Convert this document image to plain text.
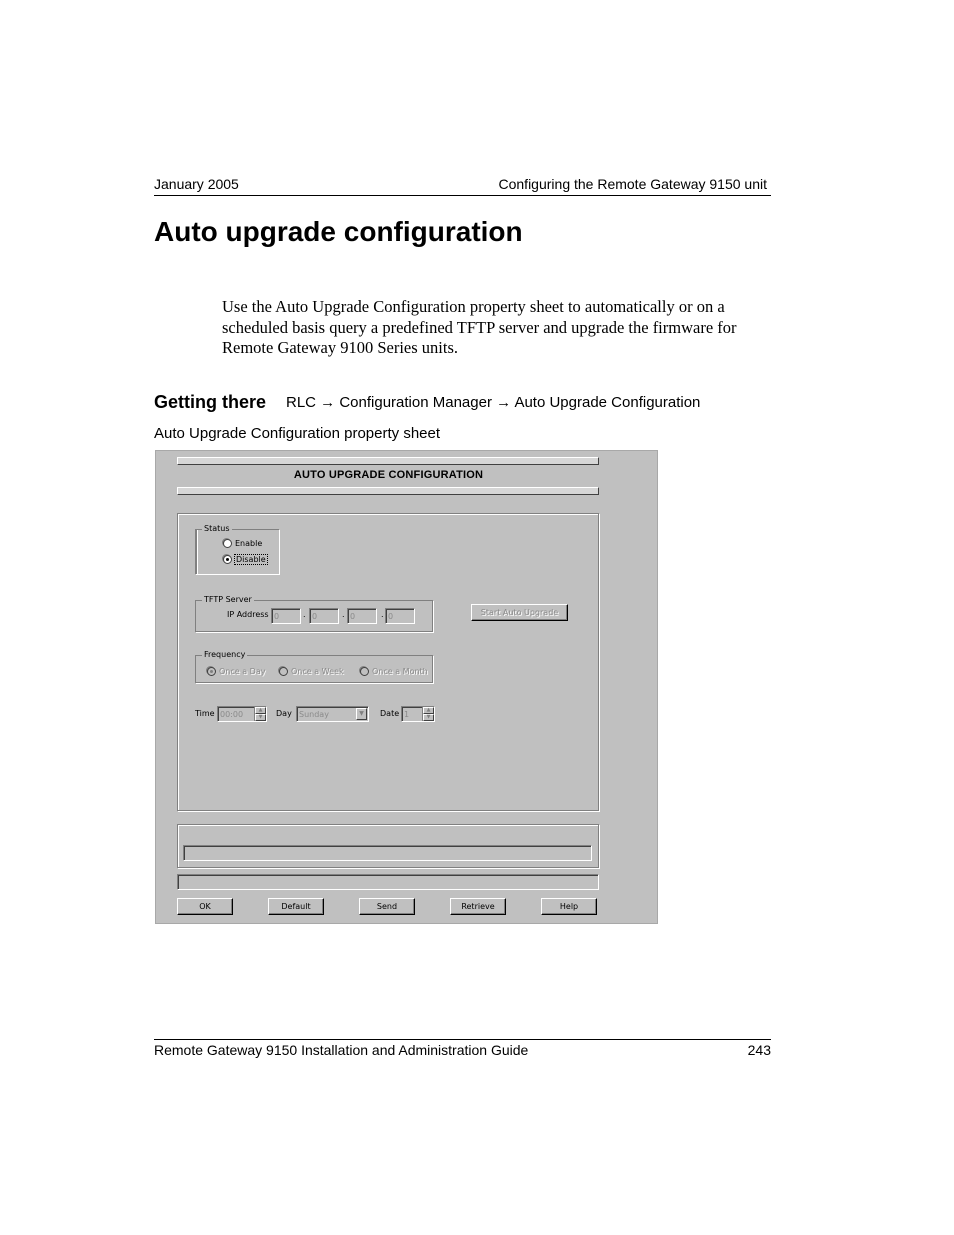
January 2005	Configuring the Remote Gateway 9150 unit
Auto upgrade configuration
Use the Auto Upgrade Configuration property sheet to automatically or on a scheduled basis query a predefined TFTP server and upgrade the firmware for Remote Gateway 9100 Series units.
Getting there RLC → Configuration Manager → Auto Upgrade Configuration
Auto Upgrade Configuration property sheet
AUTO UPGRADE CONFIGURATION
Status
Enable
Disable
TFTP Server
IP Address 0	. 0	. 0	. 0	Start Auto Upgrade
Frequency
Once a Day	Once a Week	Once a Month
Time 00:00	▲
▼	Day Sunday	▼	Date 1	▲
▼
OK	Default	Send	Retrieve	Help
Remote Gateway 9150 Installation and Administration Guide	243
